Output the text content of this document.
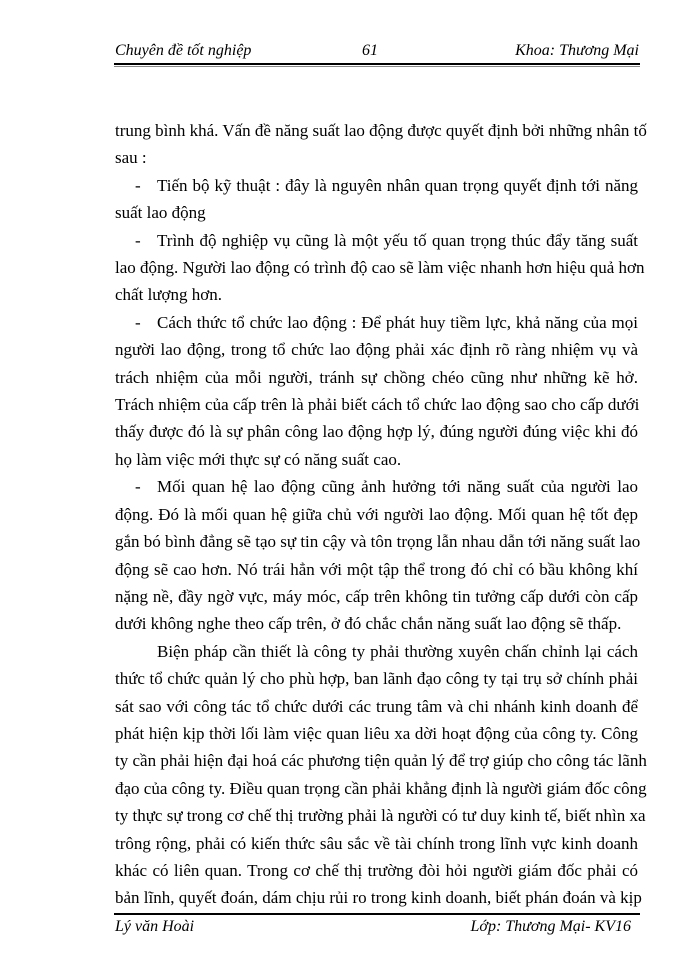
Chuyên đề tốt nghiệp	61	Khoa: Thương Mại
trung bình khá. Vấn đề năng suất lao động được quyết định bởi những nhân tố
sau :
- Tiến bộ kỹ thuật : đây là nguyên nhân quan trọng quyết định tới năng
suất lao động
- Trình độ nghiệp vụ cũng là một yếu tố quan trọng thúc đẩy tăng suất
lao động. Người lao động có trình độ cao sẽ làm việc nhanh hơn hiệu quả hơn
chất lượng hơn.
- Cách thức tổ chức lao động : Để phát huy tiềm lực, khả năng của mọi
người lao động, trong tổ chức lao động phải xác định rõ ràng nhiệm vụ và
trách nhiệm của mỗi người, tránh sự chồng chéo cũng như những kẽ hở.
Trách nhiệm của cấp trên là phải biết cách tổ chức lao động sao cho cấp dưới
thấy được đó là sự phân công lao động hợp lý, đúng người đúng việc khi đó
họ làm việc mới thực sự có năng suất cao.
- Mối quan hệ lao động cũng ảnh hưởng tới năng suất của người lao
động. Đó là mối quan hệ giữa chủ với người lao động. Mối quan hệ tốt đẹp
gắn bó bình đẳng sẽ tạo sự tin cậy và tôn trọng lẫn nhau dẫn tới năng suất lao
động sẽ cao hơn. Nó trái hẳn với một tập thể trong đó chỉ có bầu không khí
nặng nề, đầy ngờ vực, máy móc, cấp trên không tin tưởng cấp dưới còn cấp
dưới không nghe theo cấp trên, ở đó chắc chắn năng suất lao động sẽ thấp.
Biện pháp cần thiết là công ty phải thường xuyên chấn chỉnh lại cách
thức tổ chức quản lý cho phù hợp, ban lãnh đạo công ty tại trụ sở chính phải
sát sao với công tác tổ chức dưới các trung tâm và chi nhánh kinh doanh để
phát hiện kịp thời lối làm việc quan liêu xa dời hoạt động của công ty. Công
ty cần phải hiện đại hoá các phương tiện quản lý để trợ giúp cho công tác lãnh
đạo của công ty. Điều quan trọng cần phải khẳng định là người giám đốc công
ty thực sự trong cơ chế thị trường phải là người có tư duy kinh tế, biết nhìn xa
trông rộng, phải có kiến thức sâu sắc về tài chính trong lĩnh vực kinh doanh
khác có liên quan. Trong cơ chế thị trường đòi hỏi người giám đốc phải có
bản lĩnh, quyết đoán, dám chịu rủi ro trong kinh doanh, biết phán đoán và kịp
Lý văn Hoài	Lớp: Thương Mại- KV16
